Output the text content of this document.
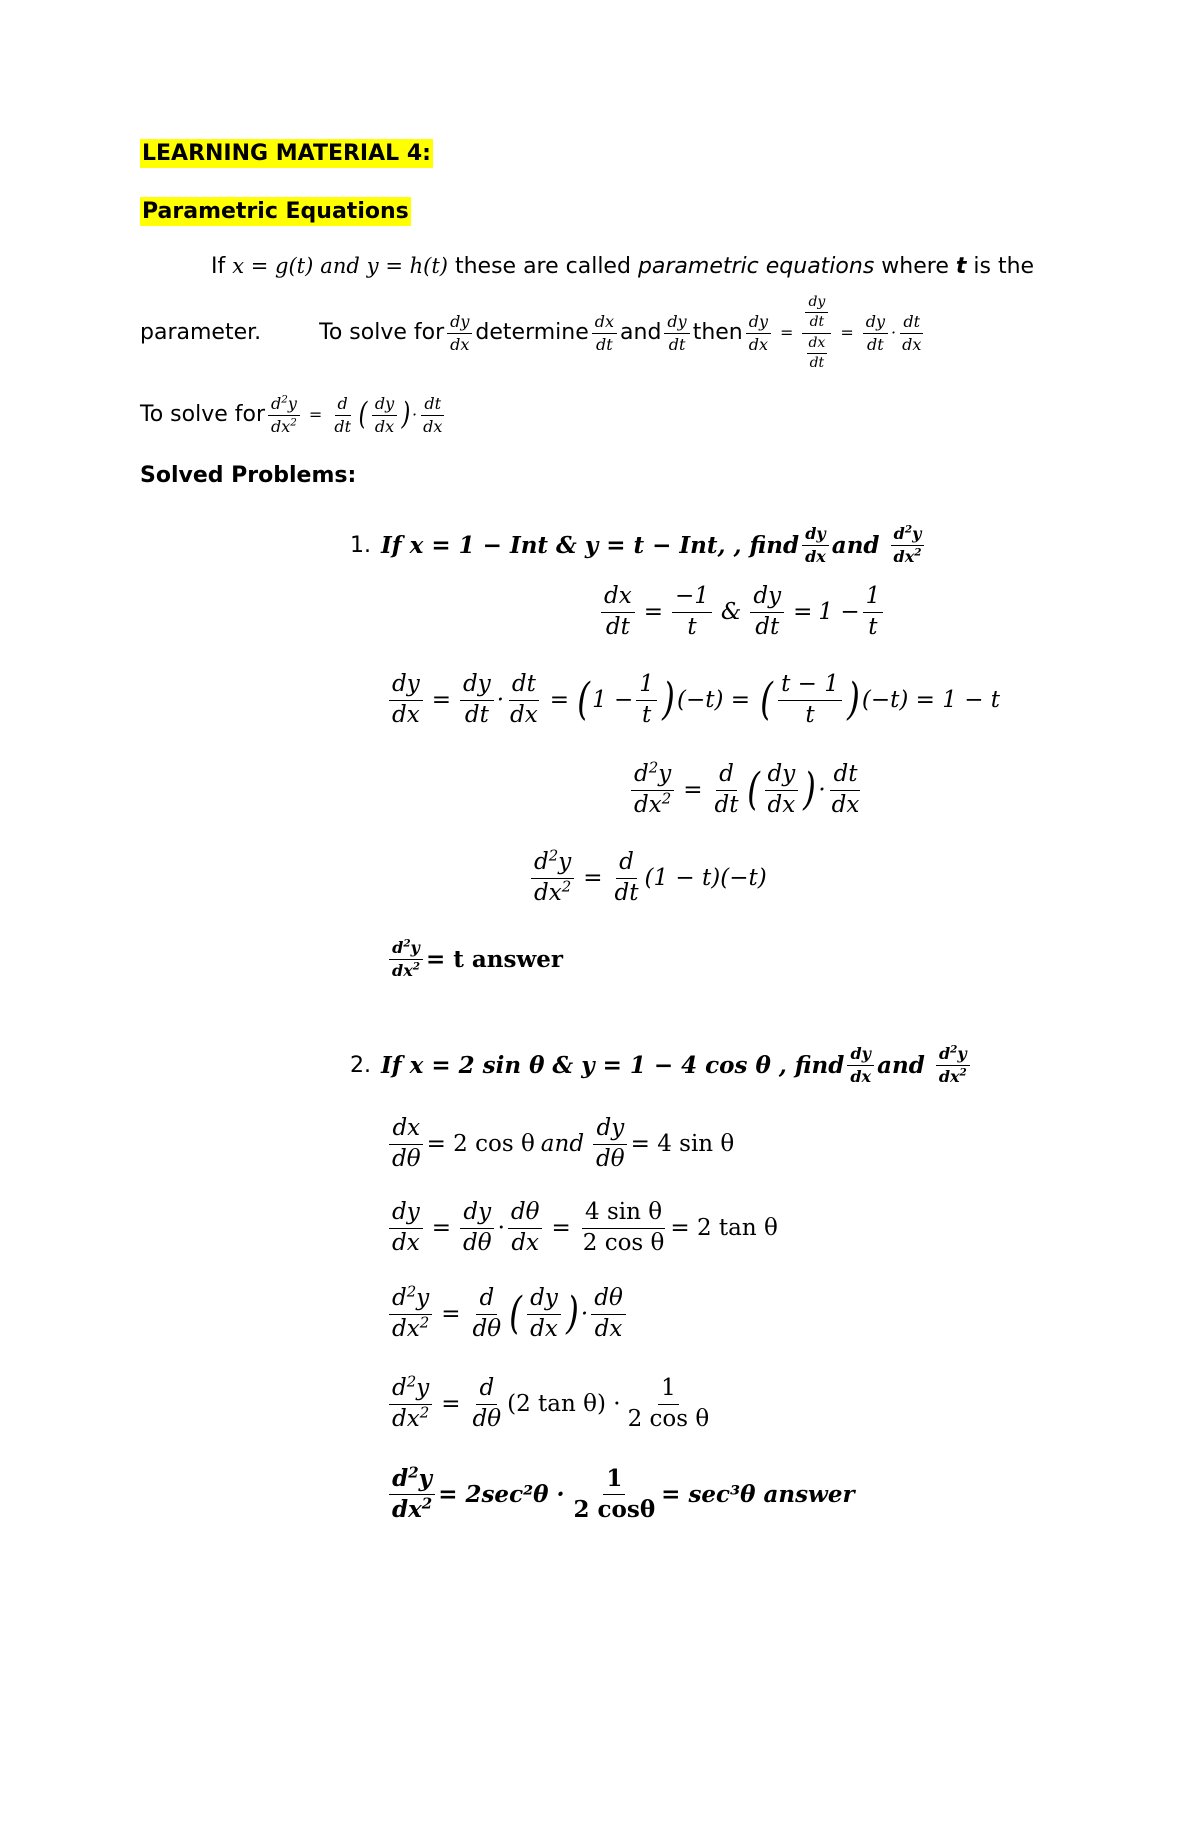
LEARNING MATERIAL 4:
Parametric Equations
If x = g(t) and y = h(t) these are called parametric equations where t is the
parameter.	To solve for $\frac{dy}{dx}$ determine $\frac{dx}{dt}$ and $\frac{dy}{dt}$ then $\frac{dy}{dx} = \frac{\frac{dy}{dt}}{\frac{dx}{dt}} = \frac{dy}{dt} \cdot \frac{dt}{dx}$
To solve for $\frac{d^2y}{dx^2} = \frac{d}{dt}$ ( $\frac{dy}{dx}$ ) · $\frac{dt}{dx}$
Solved Problems:
1. If x = 1 − Int & y = t − Int, , find $\frac{dy}{dx}$ and $\frac{d^2y}{dx^2}$
$\frac{dx}{dt} = \frac{-1}{t}$ & $\frac{dy}{dt} = 1 - \frac{1}{t}$
$\frac{dy}{dx} = \frac{dy}{dt} \cdot \frac{dt}{dx}$ = ( $1 - \frac{1}{t}$ ) (−t) = ( $\frac{t - 1}{t}$ ) (−t) = 1 − t
$\frac{d^2y}{dx^2} = \frac{d}{dt}$ ( $\frac{dy}{dx}$ ) · $\frac{dt}{dx}$
$\frac{d^2y}{dx^2} = \frac{d}{dt} (1 - t)(-t)$
$\frac{d^2y}{dx^2} = t$ answer
2. If x = 2 sin θ & y = 1 − 4 cos θ , find $\frac{dy}{dx}$ and $\frac{d^2y}{dx^2}$
$\frac{dx}{d\theta} = 2$ cos θ and $\frac{dy}{d\theta} = 4$ sin θ
$\frac{dy}{dx} = \frac{dy}{d\theta} \cdot \frac{d\theta}{dx} = \frac{\text{4 sin θ}}{\text{2 cos θ}} = 2$ tan θ
$\frac{d^2y}{dx^2} = \frac{d}{d\theta}$ ( $\frac{dy}{dx}$ ) · $\frac{d\theta}{dx}$
$\frac{d^2y}{dx^2} = \frac{d}{d\theta} (2$ $\tan \theta) \cdot \frac{1}{\text{2 cos θ}}$
$\frac{d^2y}{dx^2} = 2\sec^2\theta \cdot \frac{1}{2 \cos\theta} = \sec^3\theta$ answer
